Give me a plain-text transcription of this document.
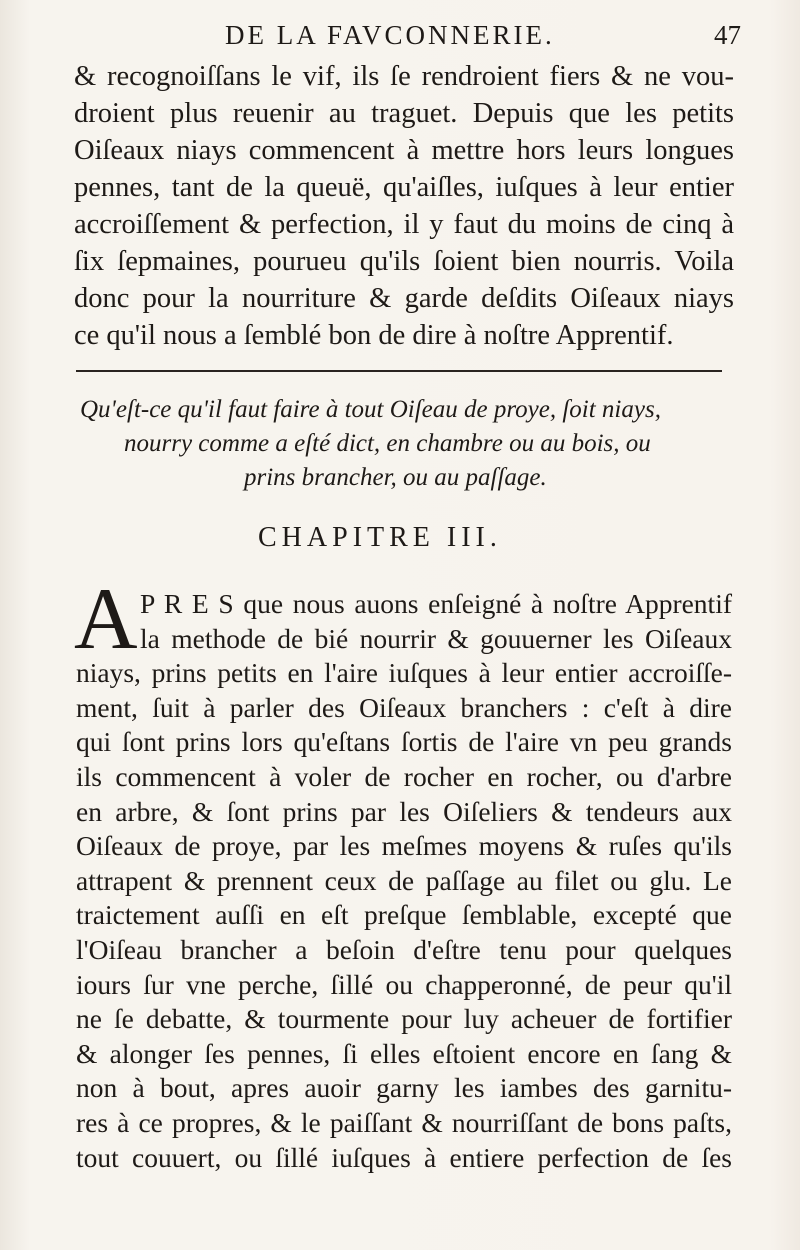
DE LA FAVCONNERIE.	47
& recognoiſſans le vif, ils ſe rendroient fiers & ne vou-
droient plus reuenir au traguet. Depuis que les petits
Oiſeaux niays commencent à mettre hors leurs longues
pennes, tant de la queuë, qu'aiſles, iuſques à leur entier
accroiſſement & perfection, il y faut du moins de cinq à
ſix ſepmaines, pourueu qu'ils ſoient bien nourris. Voila
donc pour la nourriture & garde deſdits Oiſeaux niays
ce qu'il nous a ſemblé bon de dire à noſtre Apprentif.
Qu'eſt-ce qu'il faut faire à tout Oiſeau de proye, ſoit niays,
nourry comme a eſté dict, en chambre ou au bois, ou
prins brancher, ou au paſſage.
CHAPITRE III.
A P R E S que nous auons enſeigné à noſtre Apprentif
la methode de bié nourrir & gouuerner les Oiſeaux
niays, prins petits en l'aire iuſques à leur entier accroiſſe-
ment, ſuit à parler des Oiſeaux branchers : c'eſt à dire
qui ſont prins lors qu'eſtans ſortis de l'aire vn peu grands
ils commencent à voler de rocher en rocher, ou d'arbre
en arbre, & ſont prins par les Oiſeliers & tendeurs aux
Oiſeaux de proye, par les meſmes moyens & ruſes qu'ils
attrapent & prennent ceux de paſſage au filet ou glu. Le
traictement auſſi en eſt preſque ſemblable, excepté que
l'Oiſeau brancher a beſoin d'eſtre tenu pour quelques
iours ſur vne perche, ſillé ou chapperonné, de peur qu'il
ne ſe debatte, & tourmente pour luy acheuer de fortifier
& alonger ſes pennes, ſi elles eſtoient encore en ſang &
non à bout, apres auoir garny les iambes des garnitu-
res à ce propres, & le paiſſant & nourriſſant de bons paſts,
tout couuert, ou ſillé iuſques à entiere perfection de ſes
